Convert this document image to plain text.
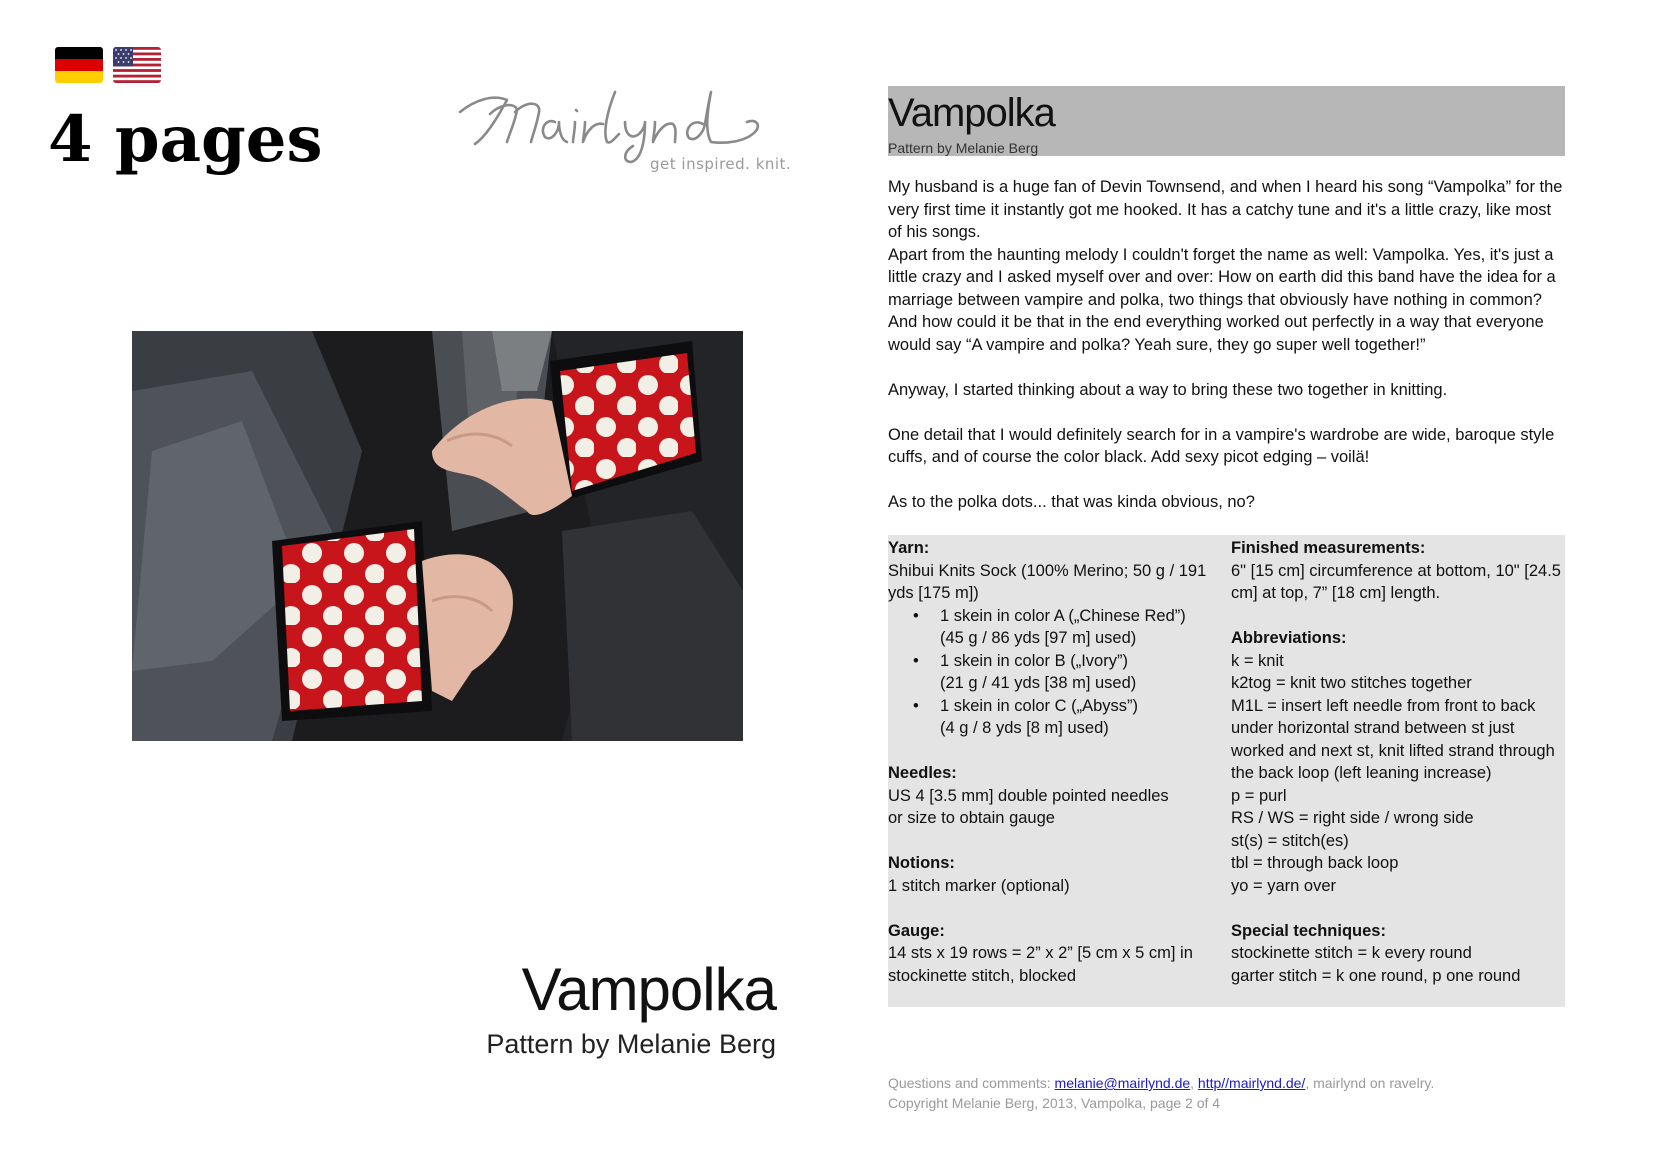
4 pages	get inspired. knit.
Vampolka
Pattern by Melanie Berg
Vampolka
Pattern by Melanie Berg

My husband is a huge fan of Devin Townsend, and when I heard his song “Vampolka” for the very first time it instantly got me hooked. It has a catchy tune and it's a little crazy, like most of his songs.

Apart from the haunting melody I couldn't forget the name as well: Vampolka. Yes, it's just a little crazy and I asked myself over and over: How on earth did this band have the idea for a marriage between vampire and polka, two things that obviously have nothing in common? And how could it be that in the end everything worked out perfectly in a way that everyone would say “A vampire and polka? Yeah sure, they go super well together!”

Anyway, I started thinking about a way to bring these two together in knitting.

One detail that I would definitely search for in a vampire's wardrobe are wide, baroque style cuffs, and of course the color black. Add sexy picot edging – voilä!

As to the polka dots... that was kinda obvious, no?

Yarn:

Shibui Knits Sock (100% Merino; 50 g / 191 yds [175 m])

• 1 skein in color A („Chinese Red”)
(45 g / 86 yds [97 m] used)
• 1 skein in color B („Ivory”)
(21 g / 41 yds [38 m] used)
• 1 skein in color C („Abyss”)
(4 g / 8 yds [8 m] used)
Needles:

US 4 [3.5 mm] double pointed needles

or size to obtain gauge

Notions:

1 stitch marker (optional)

Gauge:

14 sts x 19 rows = 2” x 2” [5 cm x 5 cm] in stockinette stitch, blocked

Finished measurements:

6" [15 cm] circumference at bottom, 10" [24.5 cm] at top, 7” [18 cm] length.

Abbreviations:

k = knit

k2tog = knit two stitches together

M1L = insert left needle from front to back under horizontal strand between st just worked and next st, knit lifted strand through the back loop (left leaning increase)

p = purl

RS / WS = right side / wrong side

st(s) = stitch(es)

tbl = through back loop

yo = yarn over

Special techniques:

stockinette stitch = k every round

garter stitch = k one round, p one round

Questions and comments: melanie@mairlynd.de, http//mairlynd.de/, mairlynd on ravelry.
Copyright Melanie Berg, 2013, Vampolka, page 2 of 4
